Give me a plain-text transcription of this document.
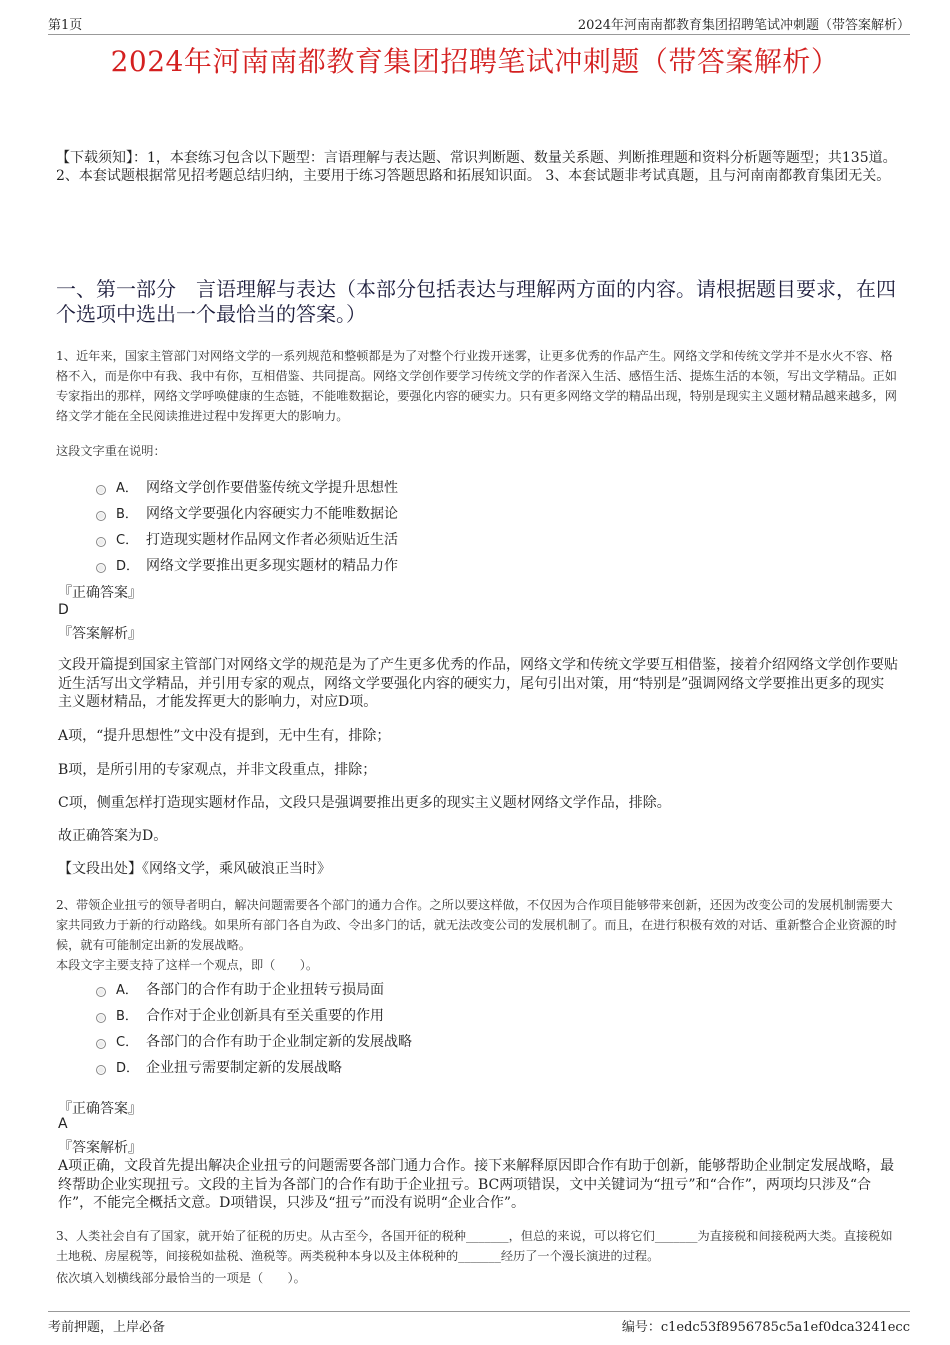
第1页	2024年河南南都教育集团招聘笔试冲刺题（带答案解析）
2024年河南南都教育集团招聘笔试冲刺题（带答案解析）
【下载须知】：1，本套练习包含以下题型：言语理解与表达题、常识判断题、数量关系题、判断推理题和资料分析题等题型；共135道。 2、本套试题根据常见招考题总结归纳，主要用于练习答题思路和拓展知识面。 3、本套试题非考试真题，且与河南南都教育集团无关。
一、第一部分　言语理解与表达（本部分包括表达与理解两方面的内容。请根据题目要求，在四个选项中选出一个最恰当的答案。）
1、近年来，国家主管部门对网络文学的一系列规范和整顿都是为了对整个行业拨开迷雾，让更多优秀的作品产生。网络文学和传统文学并不是水火不容、格格不入，而是你中有我、我中有你，互相借鉴、共同提高。网络文学创作要学习传统文学的作者深入生活、感悟生活、提炼生活的本领，写出文学精品。正如专家指出的那样，网络文学呼唤健康的生态链，不能唯数据论，要强化内容的硬实力。只有更多网络文学的精品出现，特别是现实主义题材精品越来越多，网络文学才能在全民阅读推进过程中发挥更大的影响力。
这段文字重在说明：
A． 网络文学创作要借鉴传统文学提升思想性
B． 网络文学要强化内容硬实力不能唯数据论
C． 打造现实题材作品网文作者必须贴近生活
D． 网络文学要推出更多现实题材的精品力作
『正确答案』
D
『答案解析』
文段开篇提到国家主管部门对网络文学的规范是为了产生更多优秀的作品，网络文学和传统文学要互相借鉴，接着介绍网络文学创作要贴近生活写出文学精品，并引用专家的观点，网络文学要强化内容的硬实力，尾句引出对策，用“特别是”强调网络文学要推出更多的现实主义题材精品，才能发挥更大的影响力，对应D项。
A项，“提升思想性”文中没有提到，无中生有，排除；
B项，是所引用的专家观点，并非文段重点，排除；
C项，侧重怎样打造现实题材作品，文段只是强调要推出更多的现实主义题材网络文学作品，排除。
故正确答案为D。
【文段出处】《网络文学，乘风破浪正当时》
2、带领企业扭亏的领导者明白，解决问题需要各个部门的通力合作。之所以要这样做，不仅因为合作项目能够带来创新，还因为改变公司的发展机制需要大家共同致力于新的行动路线。如果所有部门各自为政、令出多门的话，就无法改变公司的发展机制了。而且，在进行积极有效的对话、重新整合企业资源的时候，就有可能制定出新的发展战略。
本段文字主要支持了这样一个观点，即（　　）。
A． 各部门的合作有助于企业扭转亏损局面
B． 合作对于企业创新具有至关重要的作用
C． 各部门的合作有助于企业制定新的发展战略
D． 企业扭亏需要制定新的发展战略
『正确答案』
A
『答案解析』
A项正确，文段首先提出解决企业扭亏的问题需要各部门通力合作。接下来解释原因即合作有助于创新，能够帮助企业制定发展战略，最终帮助企业实现扭亏。文段的主旨为各部门的合作有助于企业扭亏。BC两项错误，文中关键词为“扭亏”和“合作”，两项均只涉及“合作”，不能完全概括文意。D项错误，只涉及“扭亏”而没有说明“企业合作”。
3、人类社会自有了国家，就开始了征税的历史。从古至今，各国开征的税种_______，但总的来说，可以将它们_______为直接税和间接税两大类。直接税如土地税、房屋税等，间接税如盐税、渔税等。两类税种本身以及主体税种的_______经历了一个漫长演进的过程。
依次填入划横线部分最恰当的一项是（　　）。
考前押题，上岸必备	编号：c1edc53f8956785c5a1ef0dca3241ecc
